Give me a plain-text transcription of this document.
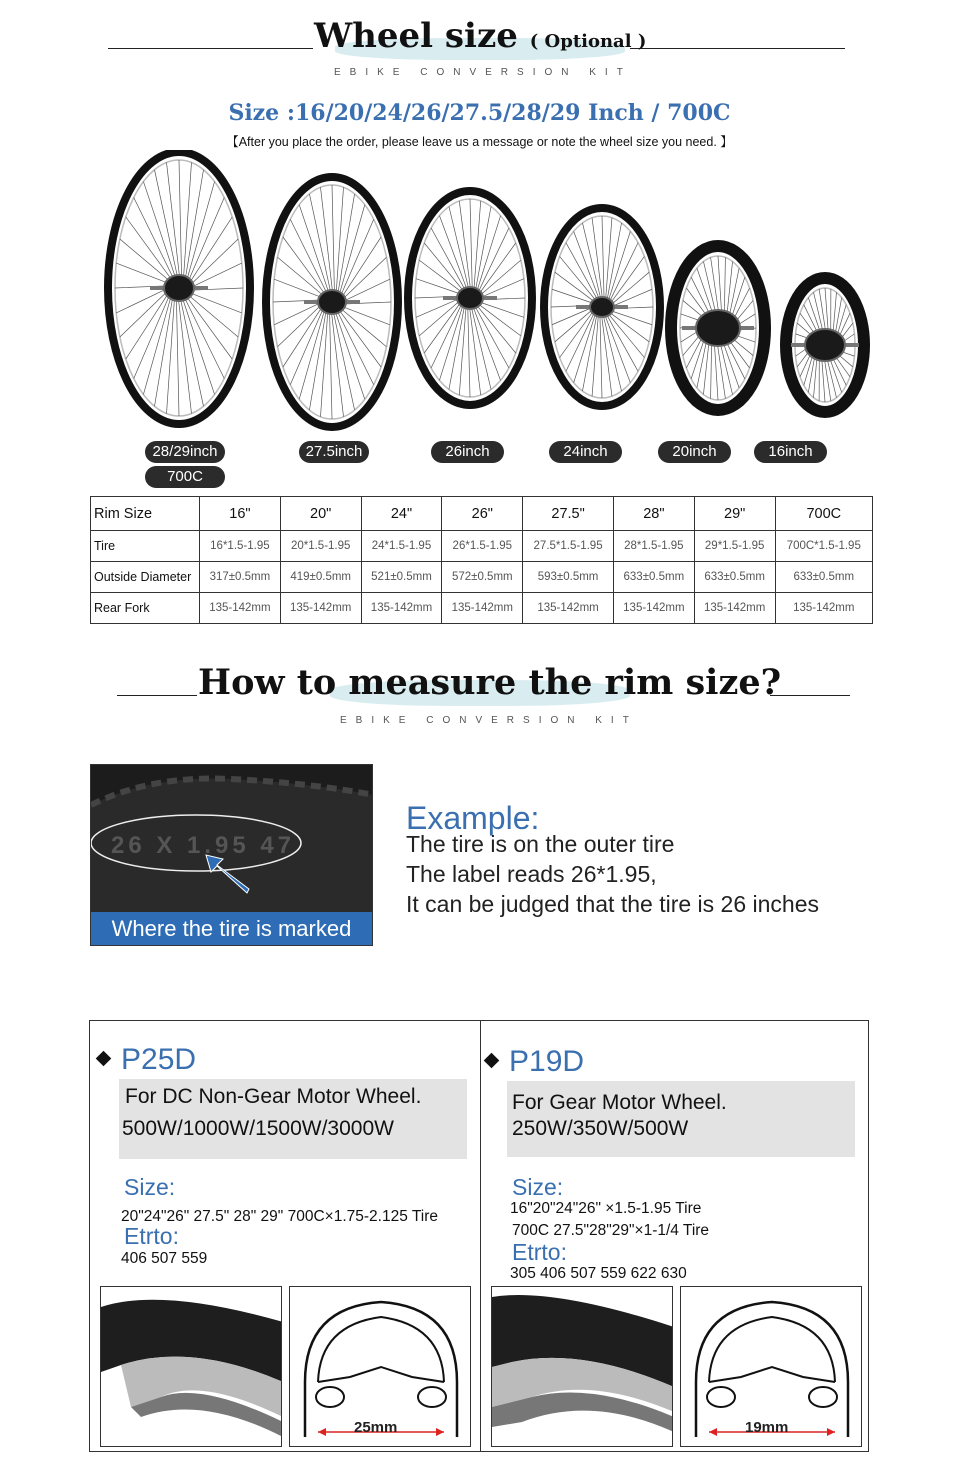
Wheel size ( Optional )
EBIKE CONVERSION KIT
Size :16/20/24/26/27.5/28/29 Inch / 700C
【After you place the order, please leave us a message or note the wheel size you need. 】
28/29inch
700C
27.5inch	26inch	24inch	20inch	16inch
Rim Size	16"	20"	24"	26"	27.5"	28"	29"	700C
Tire	16*1.5-1.95	20*1.5-1.95	24*1.5-1.95	26*1.5-1.95	27.5*1.5-1.95	28*1.5-1.95	29*1.5-1.95	700C*1.5-1.95
Outside Diameter	317±0.5mm	419±0.5mm	521±0.5mm	572±0.5mm	593±0.5mm	633±0.5mm	633±0.5mm	633±0.5mm
Rear Fork	135-142mm	135-142mm	135-142mm	135-142mm	135-142mm	135-142mm	135-142mm	135-142mm
How to measure the rim size?
EBIKE CONVERSION KIT
26 X 1.95 47
Where the tire is marked
Example:
The tire is on the outer tire
The label reads 26*1.95,
It can be judged that the tire is 26 inches
P25D
For DC Non-Gear Motor Wheel.
500W/1000W/1500W/3000W
Size:
20"24"26" 27.5" 28" 29" 700C×1.75-2.125 Tire
Etrto:
406 507 559
25mm
P19D
For Gear Motor Wheel.
250W/350W/500W
Size:
16"20"24"26" ×1.5-1.95 Tire
700C 27.5"28"29"×1-1/4 Tire
Etrto:
305 406 507 559 622 630
19mm
